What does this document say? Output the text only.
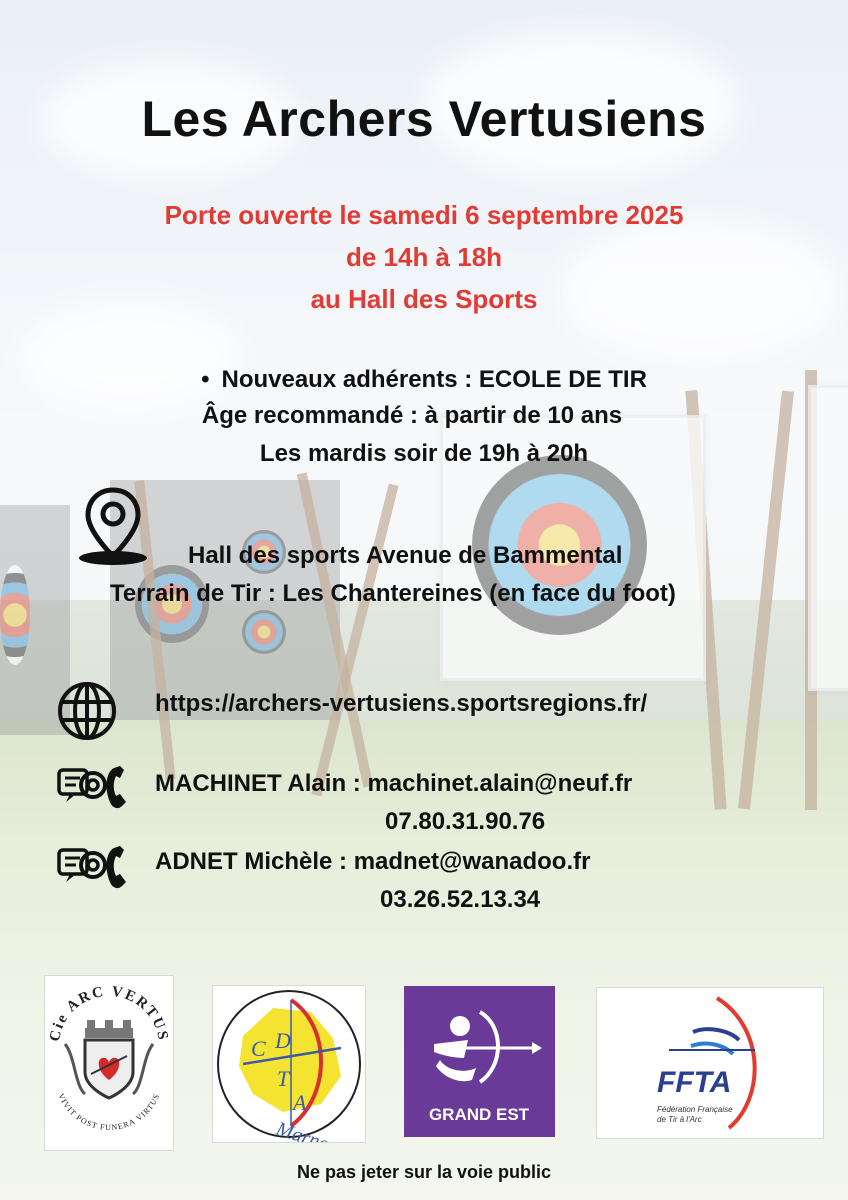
Les Archers Vertusiens
Porte ouverte le samedi 6 septembre 2025
de 14h à 18h
au Hall des Sports
• Nouveaux adhérents : ECOLE DE TIR
Âge recommandé : à partir de 10 ans
Les mardis soir de 19h à 20h
Hall des sports Avenue de Bammental
Terrain de Tir : Les Chantereines (en face du foot)
https://archers-vertusiens.sportsregions.fr/
MACHINET Alain : machinet.alain@neuf.fr
07.80.31.90.76
ADNET Michèle : madnet@wanadoo.fr
03.26.52.13.34
Cie ARC VERTUS
VIVIT POST FUNERA VIRTUS
C D
T
A
Marne
GRAND EST
FFTA
Fédération Française
de Tir à l'Arc
Ne pas jeter sur la voie public
